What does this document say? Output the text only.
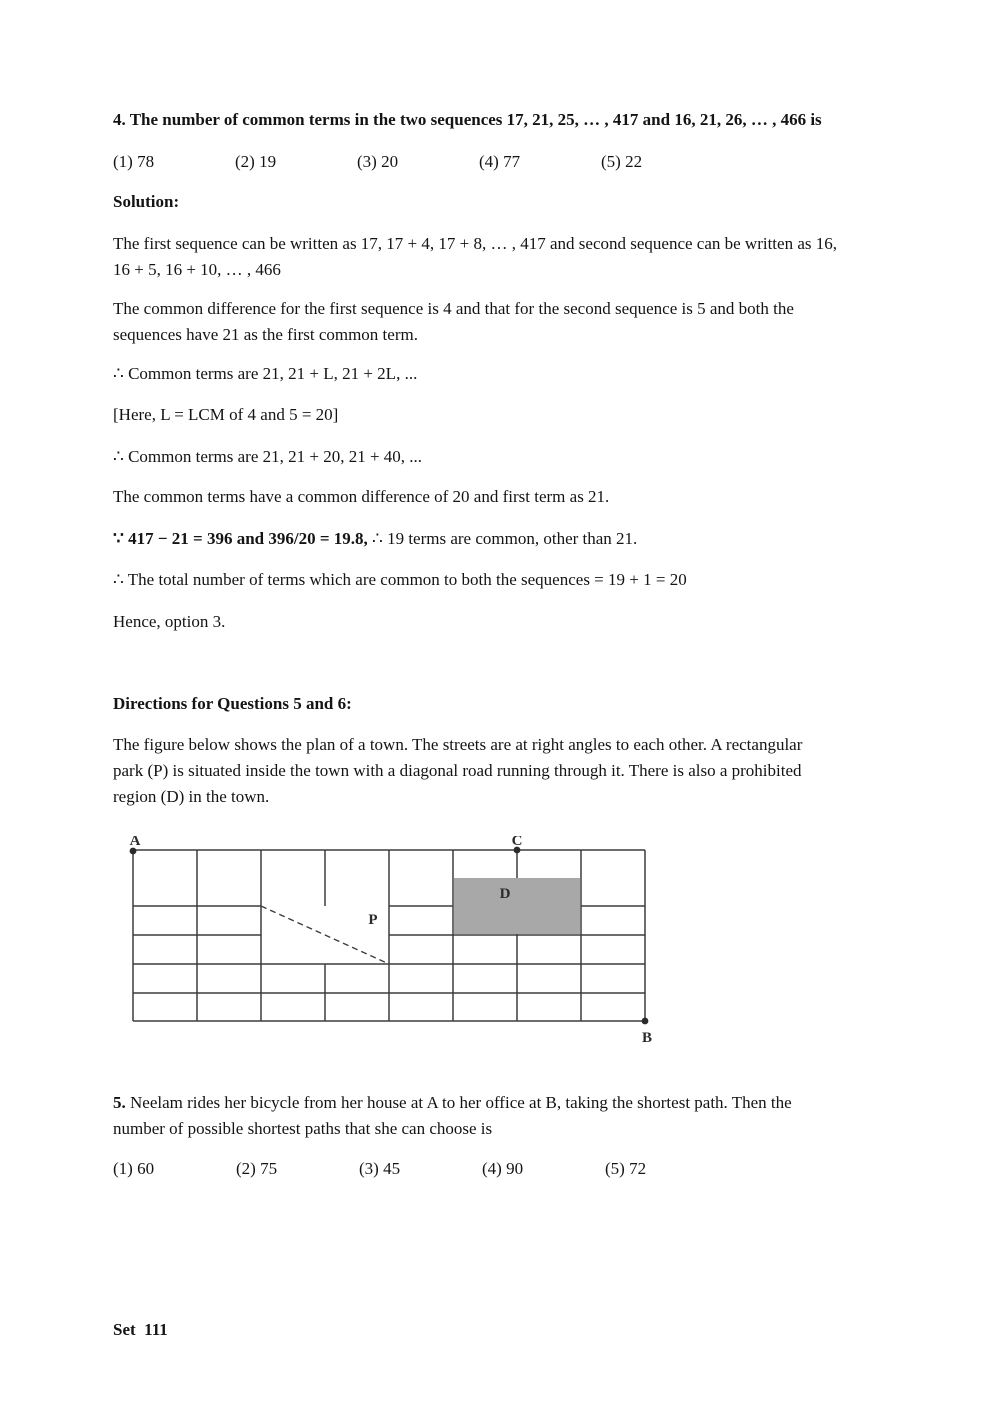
4. The number of common terms in the two sequences 17, 21, 25, … , 417 and 16, 21, 26, … , 466 is
(1) 78	(2) 19	(3) 20	(4) 77	(5) 22
Solution:
The first sequence can be written as 17, 17 + 4, 17 + 8, … , 417 and second sequence can be written as 16,
16 + 5, 16 + 10, … , 466
The common difference for the first sequence is 4 and that for the second sequence is 5 and both the
sequences have 21 as the first common term.
∴ Common terms are 21, 21 + L, 21 + 2L, ...
[Here, L = LCM of 4 and 5 = 20]
∴ Common terms are 21, 21 + 20, 21 + 40, ...
The common terms have a common difference of 20 and first term as 21.
∵ 417 − 21 = 396 and 396/20 = 19.8, ∴ 19 terms are common, other than 21.
∴ The total number of terms which are common to both the sequences = 19 + 1 = 20
Hence, option 3.
Directions for Questions 5 and 6:
The figure below shows the plan of a town. The streets are at right angles to each other. A rectangular
park (P) is situated inside the town with a diagonal road running through it. There is also a prohibited
region (D) in the town.
A	C
B
D
P
5. Neelam rides her bicycle from her house at A to her office at B, taking the shortest path. Then the
number of possible shortest paths that she can choose is
(1) 60	(2) 75	(3) 45	(4) 90	(5) 72
Set  111
